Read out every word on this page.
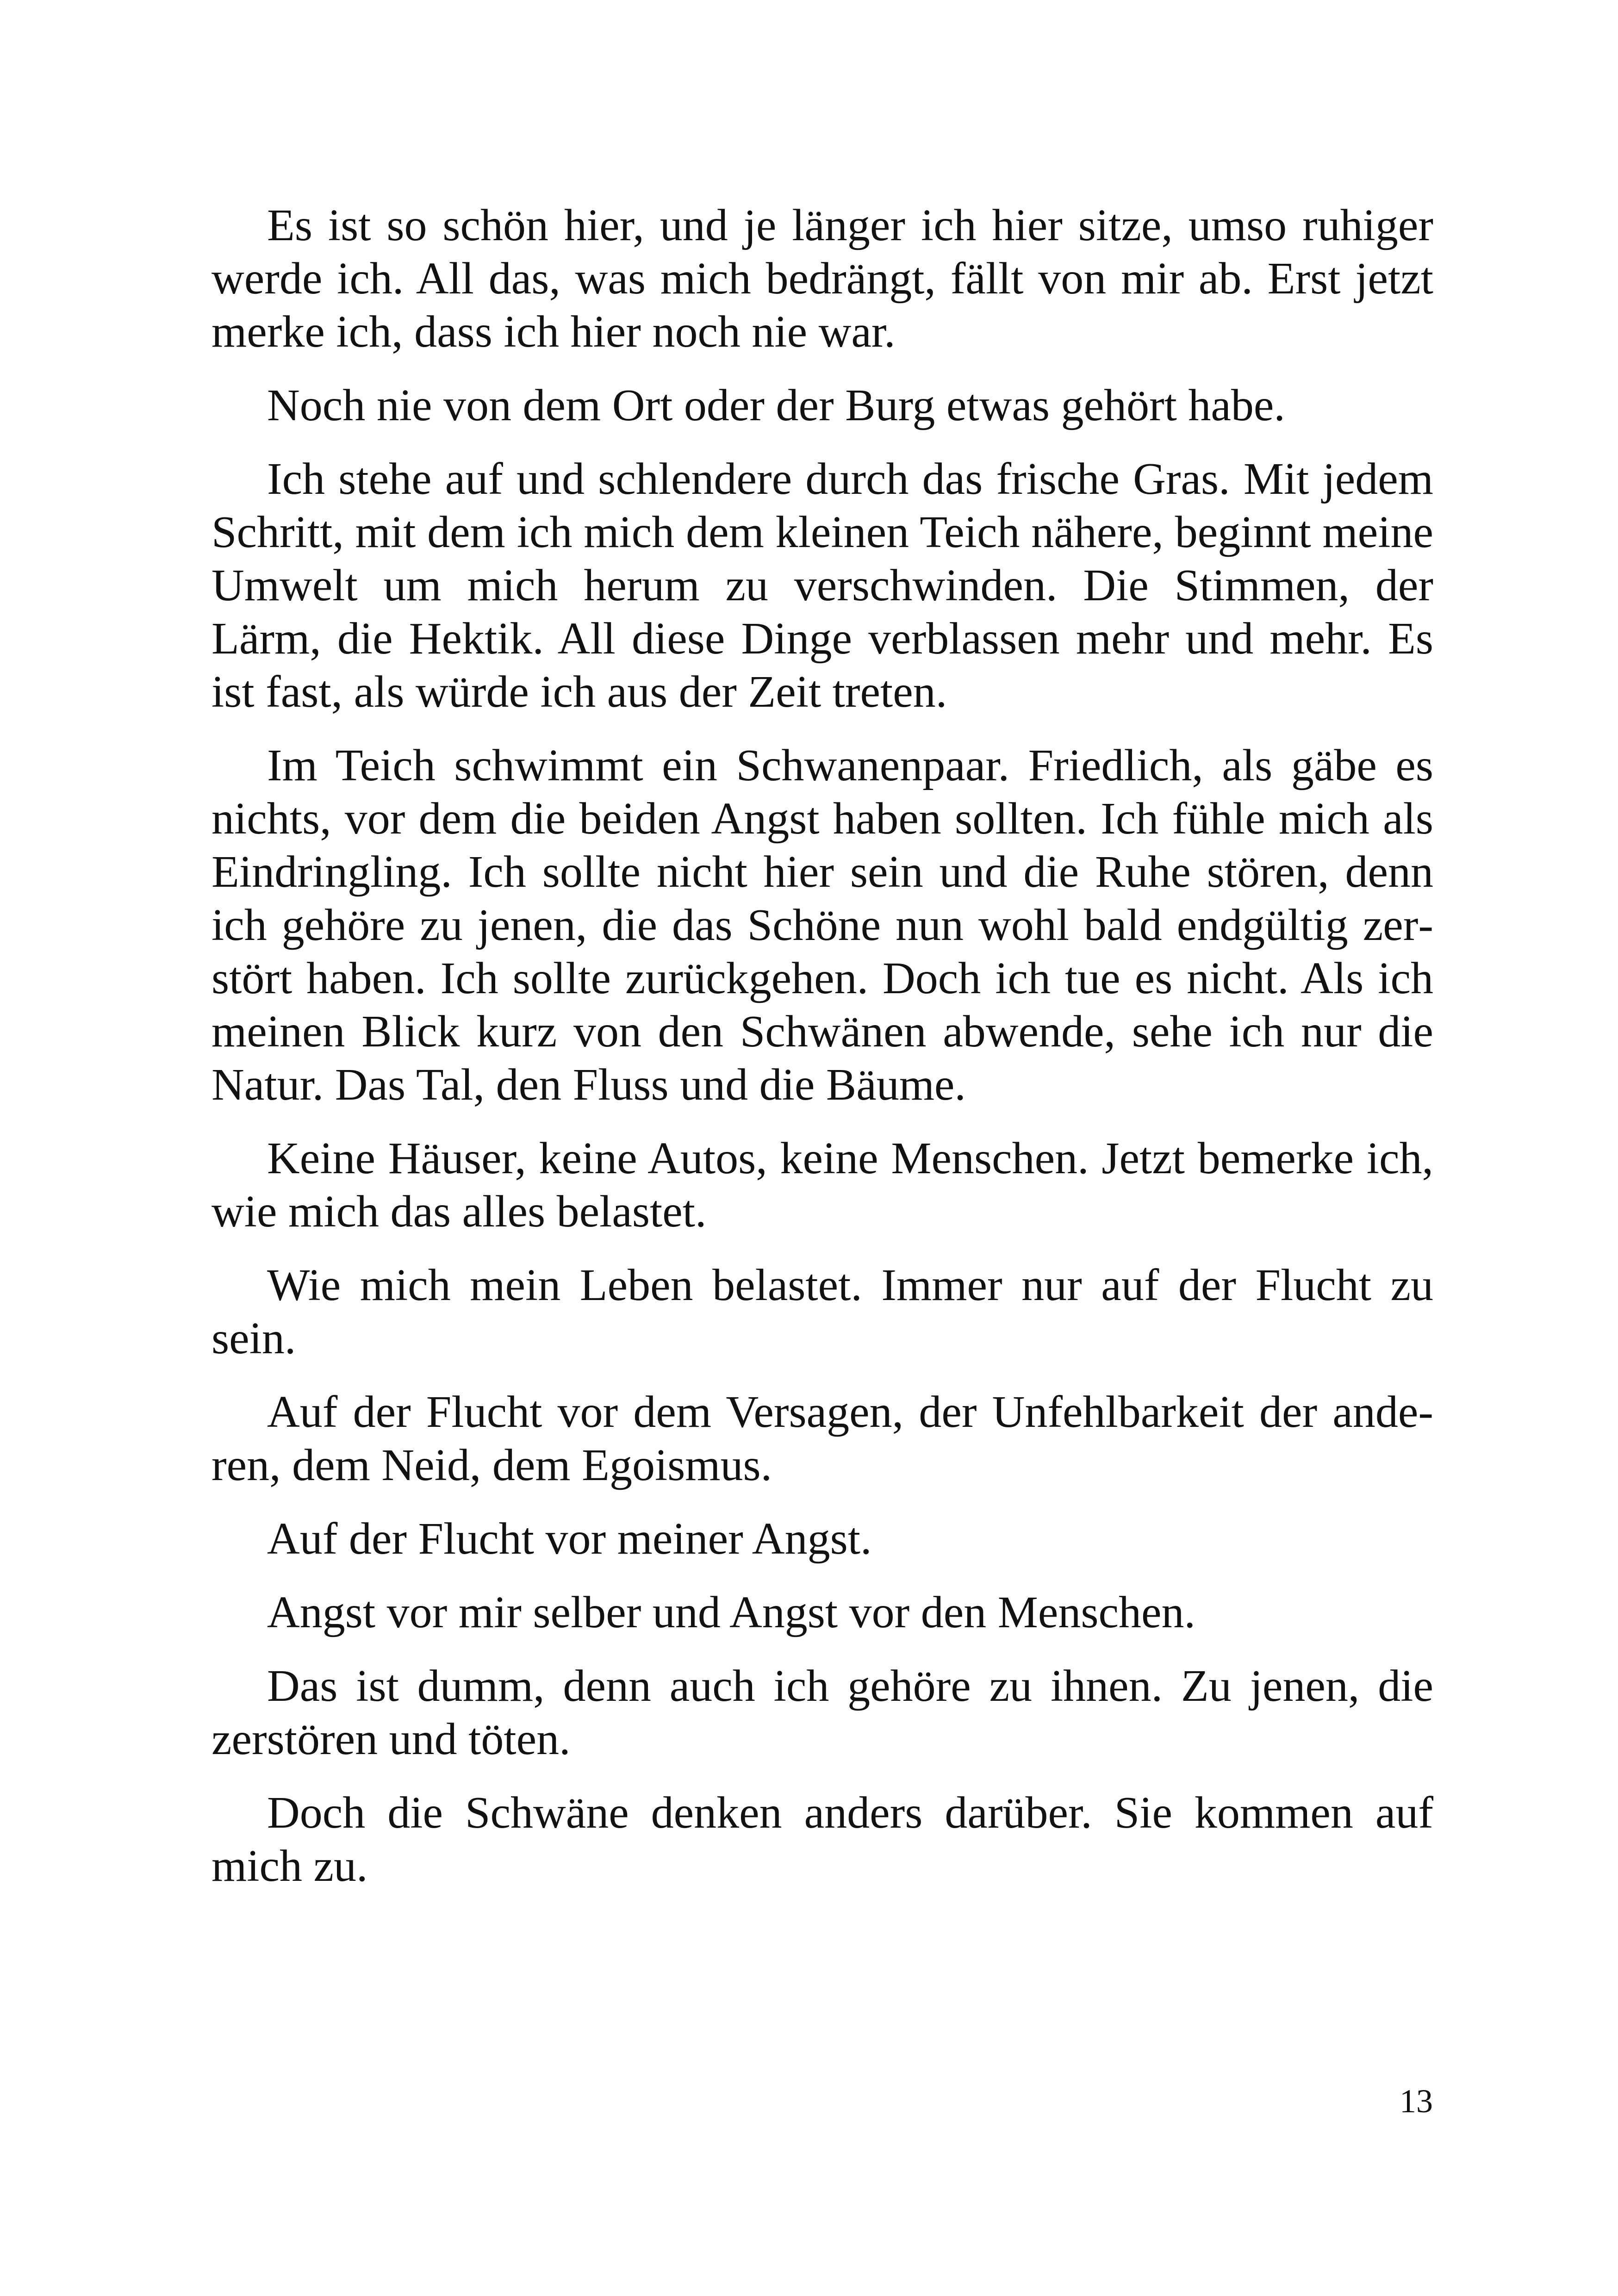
Es ist so schön hier, und je länger ich hier sitze, umso ruhiger werde ich. All das, was mich bedrängt, fällt von mir ab. Erst jetzt merke ich, dass ich hier noch nie war.

Noch nie von dem Ort oder der Burg etwas gehört habe.

Ich stehe auf und schlendere durch das frische Gras. Mit jedem Schritt, mit dem ich mich dem kleinen Teich nähere, beginnt meine Umwelt um mich herum zu verschwinden. Die Stimmen, der Lärm, die Hektik. All diese Dinge verblassen mehr und mehr. Es ist fast, als würde ich aus der Zeit treten.

Im Teich schwimmt ein Schwanenpaar. Friedlich, als gäbe es nichts, vor dem die beiden Angst haben sollten. Ich fühle mich als Eindringling. Ich sollte nicht hier sein und die Ruhe stören, denn ich gehöre zu jenen, die das Schöne nun wohl bald endgültig zerstört haben. Ich sollte zurückgehen. Doch ich tue es nicht. Als ich meinen Blick kurz von den Schwänen abwende, sehe ich nur die Natur. Das Tal, den Fluss und die Bäume.

Keine Häuser, keine Autos, keine Menschen. Jetzt bemerke ich, wie mich das alles belastet.

Wie mich mein Leben belastet. Immer nur auf der Flucht zu sein.

Auf der Flucht vor dem Versagen, der Unfehlbarkeit der anderen, dem Neid, dem Egoismus.

Auf der Flucht vor meiner Angst.

Angst vor mir selber und Angst vor den Menschen.

Das ist dumm, denn auch ich gehöre zu ihnen. Zu jenen, die zerstören und töten.

Doch die Schwäne denken anders darüber. Sie kommen auf mich zu.

13
